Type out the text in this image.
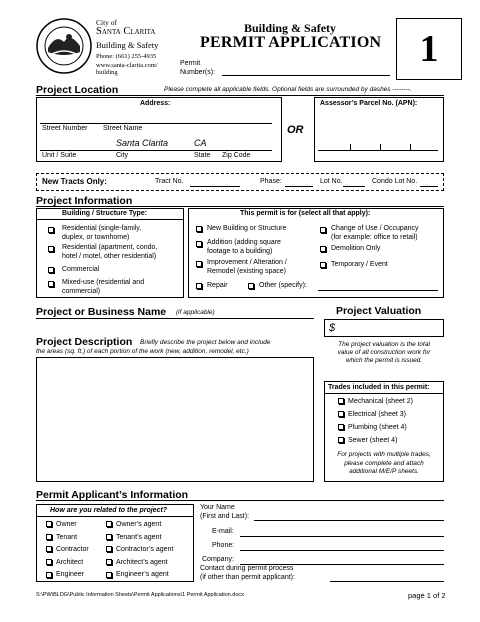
City of
Santa Clarita
Building & Safety
Phone: (661) 255-4935
www.santa-clarita.com/
building
Building & Safety
PERMIT APPLICATION
Permit
Number(s):
1
Project Location	Please complete all applicable fields. Optional fields are surrounded by dashes --------.
Address:
Street Number Street Name
Santa Clarita	CA
Unit / Suite	City	State Zip Code
OR
Assessor’s Parcel No. (APN):
New Tracts Only:	Tract No.	Phase:	Lot No.	Condo Lot No.
Project Information
Building / Structure Type:
Residential (single-family,
duplex, or townhome)
Residential (apartment, condo,
hotel / motel, other residential)
Commercial
Mixed-use (residential and
commercial)
This permit is for (select all that apply):
New Building or Structure
Addition (adding square
footage to a building)
Improvement / Alteration /
Remodel (existing space)
Change of Use / Occupancy
(for example: office to retail)
Demolition Only
Temporary / Event
Repair	Other (specify):
Project or Business Name (if applicable)	Project Valuation
$
The project valuation is the total
value of all construction work for
which the permit is issued.
Project Description Briefly describe the project below and include
the areas (sq. ft.) of each portion of the work (new, addition, remodel, etc.)
Trades included in this permit:
Mechanical (sheet 2)
Electrical (sheet 3)
Plumbing (sheet 4)
Sewer (sheet 4)
For projects with multiple trades,
please complete and attach
additional M/E/P sheets.
Permit Applicant’s Information
How are you related to the project?
Owner
Tenant
Contractor
Architect
Engineer
Owner’s agent
Tenant’s agent
Contractor’s agent
Architect’s agent
Engineer’s agent
Your Name
(First and Last):
E-mail:
Phone:
Company:
Contact during permit process
(if other than permit applicant):
S:\PW\BLDG\Public Information Sheets\Permit Applications\1 Permit Application.docx	page 1 of 2
